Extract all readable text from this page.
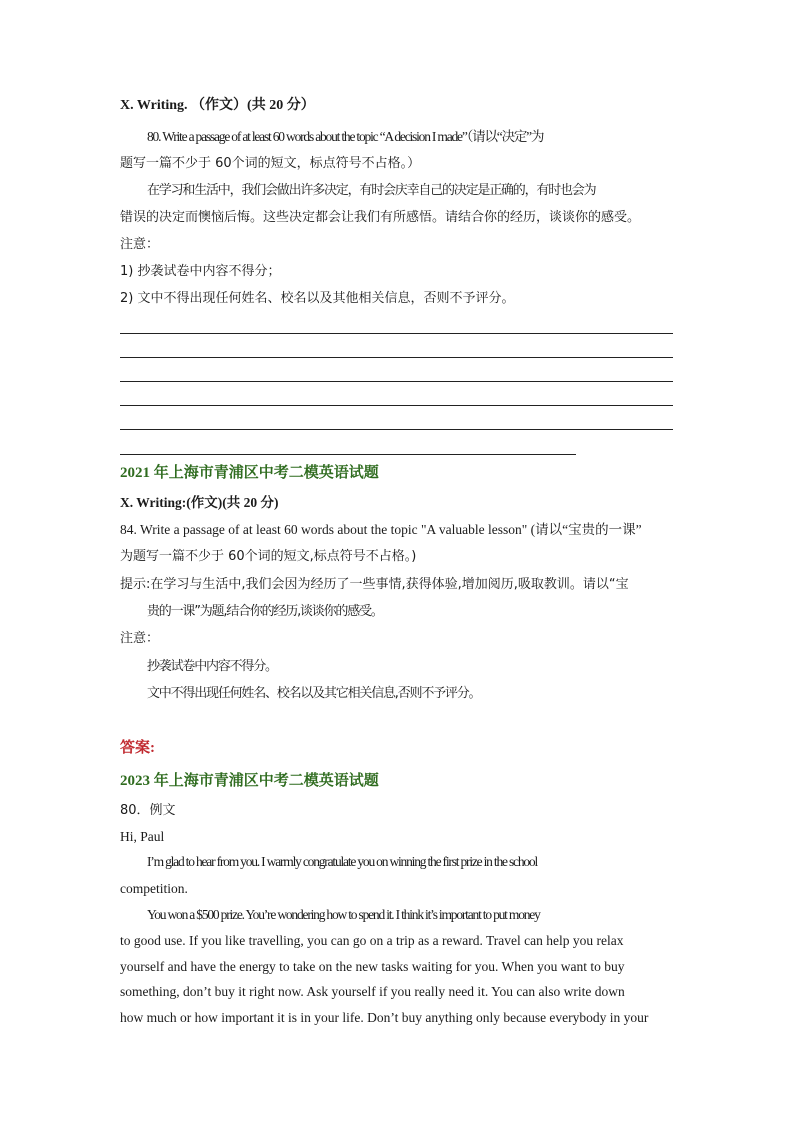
X. Writing. （作文）(共 20 分）
80. Write a passage of at least 60 words about the topic “A decision I made”（请以“决定”为
题写一篇不少于 60个词的短文，标点符号不占格。）
在学习和生活中，我们会做出许多决定，有时会庆幸自己的决定是正确的，有时也会为
错误的决定而懊恼后悔。这些决定都会让我们有所感悟。请结合你的经历，谈谈你的感受。
注意：
1) 抄袭试卷中内容不得分；
2) 文中不得出现任何姓名、校名以及其他相关信息，否则不予评分。
2021 年上海市青浦区中考二模英语试题
X. Writing:(作文)(共 20 分)
84. Write a passage of at least 60 words about the topic "A valuable lesson" (请以“宝贵的一课”
为题写一篇不少于 60个词的短文,标点符号不占格。)
提示:在学习与生活中,我们会因为经历了一些事情,获得体验,增加阅历,吸取教训。请以“宝
贵的一课”为题,结合你的经历,谈谈你的感受。
注意：
抄袭试卷中内容不得分。
文中不得出现任何姓名、校名以及其它相关信息,否则不予评分。
答案:
2023 年上海市青浦区中考二模英语试题
80．例文
Hi, Paul
I’m glad to hear from you. I warmly congratulate you on winning the first prize in the school
competition.
You won a $500 prize. You’re wondering how to spend it. I think it’s important to put money
to good use. If you like travelling, you can go on a trip as a reward. Travel can help you relax
yourself and have the energy to take on the new tasks waiting for you. When you want to buy
something, don’t buy it right now. Ask yourself if you really need it. You can also write down
how much or how important it is in your life. Don’t buy anything only because everybody in your
